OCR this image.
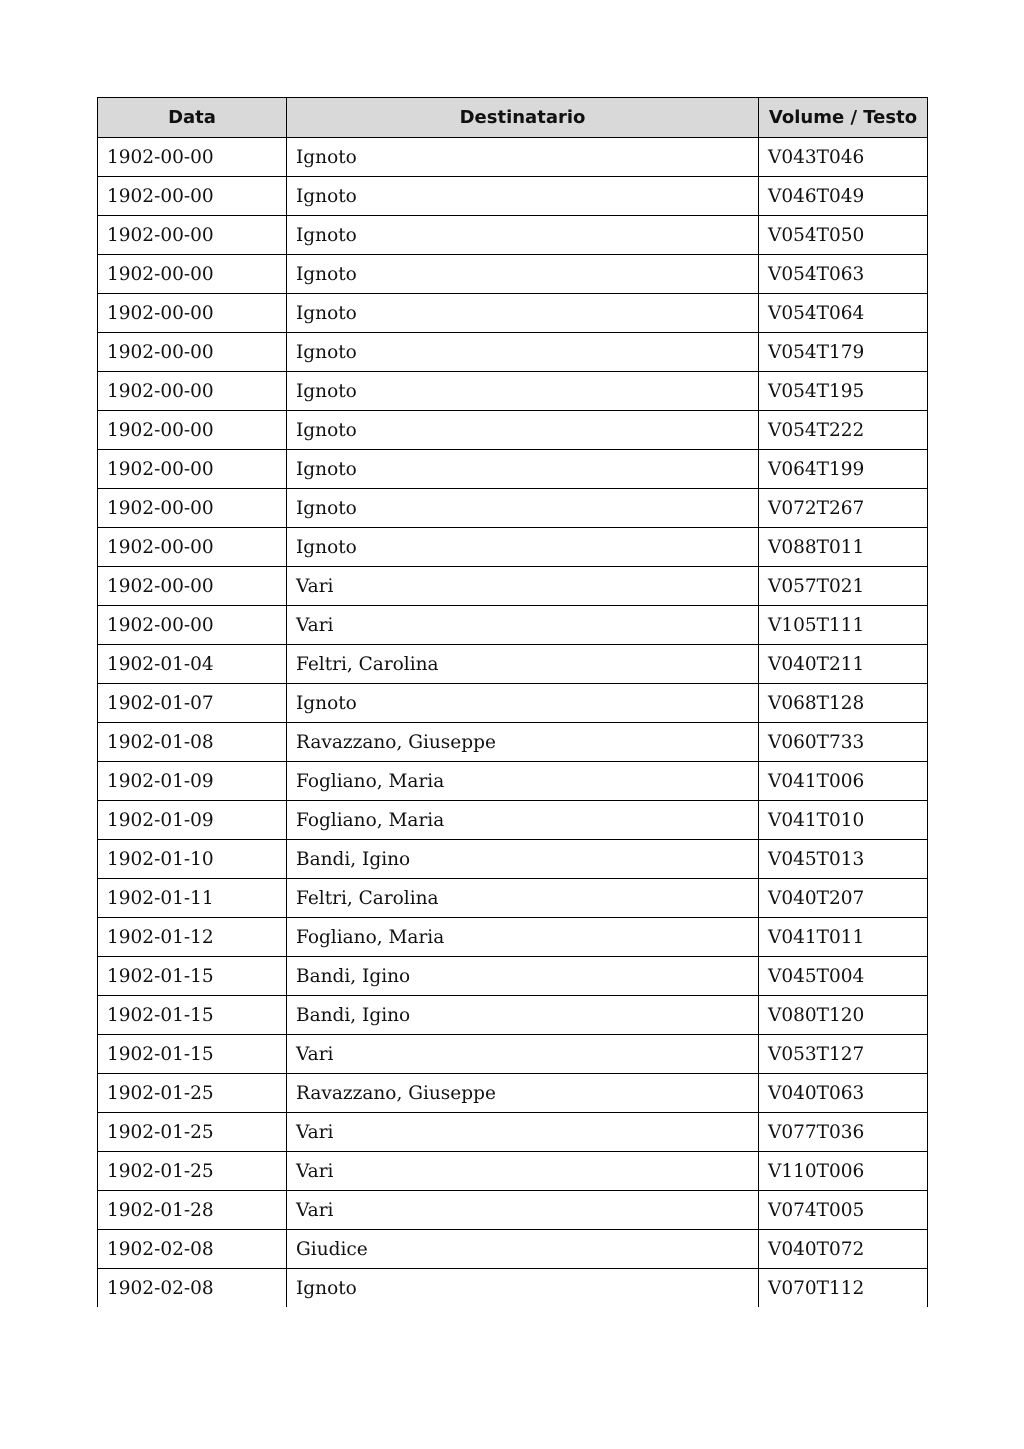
Data	Destinatario	Volume / Testo
1902-00-00	Ignoto	V043T046
1902-00-00	Ignoto	V046T049
1902-00-00	Ignoto	V054T050
1902-00-00	Ignoto	V054T063
1902-00-00	Ignoto	V054T064
1902-00-00	Ignoto	V054T179
1902-00-00	Ignoto	V054T195
1902-00-00	Ignoto	V054T222
1902-00-00	Ignoto	V064T199
1902-00-00	Ignoto	V072T267
1902-00-00	Ignoto	V088T011
1902-00-00	Vari	V057T021
1902-00-00	Vari	V105T111
1902-01-04	Feltri, Carolina	V040T211
1902-01-07	Ignoto	V068T128
1902-01-08	Ravazzano, Giuseppe	V060T733
1902-01-09	Fogliano, Maria	V041T006
1902-01-09	Fogliano, Maria	V041T010
1902-01-10	Bandi, Igino	V045T013
1902-01-11	Feltri, Carolina	V040T207
1902-01-12	Fogliano, Maria	V041T011
1902-01-15	Bandi, Igino	V045T004
1902-01-15	Bandi, Igino	V080T120
1902-01-15	Vari	V053T127
1902-01-25	Ravazzano, Giuseppe	V040T063
1902-01-25	Vari	V077T036
1902-01-25	Vari	V110T006
1902-01-28	Vari	V074T005
1902-02-08	Giudice	V040T072
1902-02-08	Ignoto	V070T112
